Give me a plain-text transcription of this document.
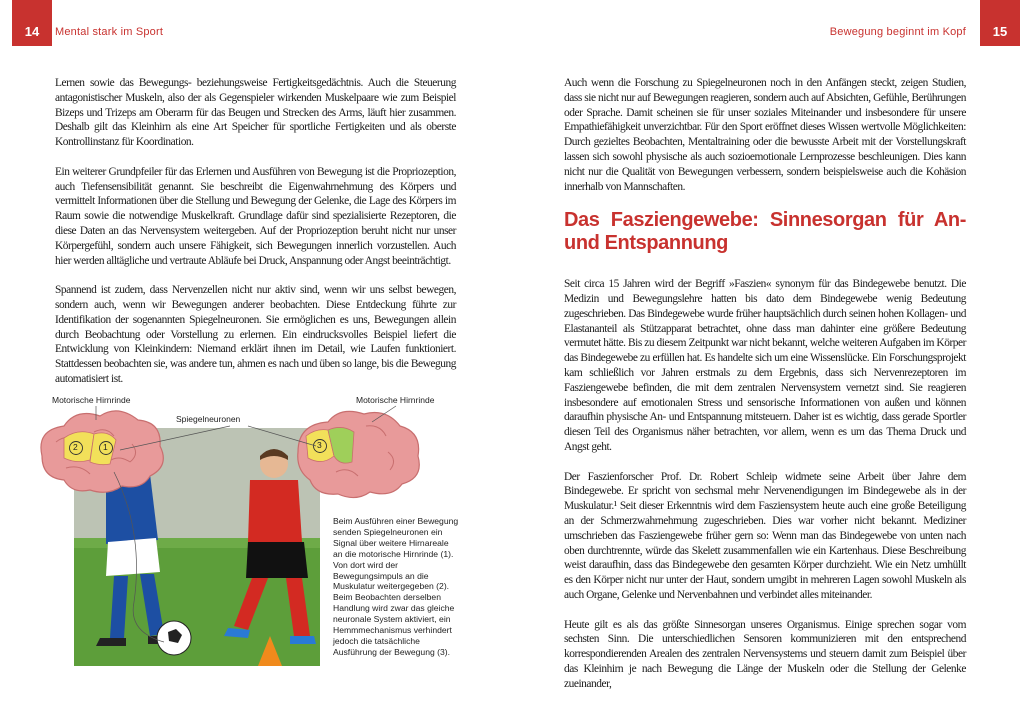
14	Mental stark im Sport

Lernen sowie das Bewegungs- beziehungsweise Fertigkeitsgedächtnis. Auch die Steuerung antagonistischer Muskeln, also der als Gegenspieler wirkenden Muskelpaare wie zum Beispiel Bizeps und Trizeps am Oberarm für das Beugen und Strecken des Arms, läuft hier zusammen. Deshalb gilt das Kleinhirn als eine Art Speicher für sportliche Fertigkeiten und als oberste Kontrollinstanz für Koordination.

Ein weiterer Grundpfeiler für das Erlernen und Ausführen von Bewegung ist die Propriozeption, auch Tiefensensibilität genannt. Sie beschreibt die Eigenwahrnehmung des Körpers und vermittelt Informationen über die Stellung und Bewegung der Gelenke, die Lage des Körpers im Raum sowie die notwendige Muskelkraft. Grundlage dafür sind spezialisierte Rezeptoren, die diese Daten an das Nervensystem weitergeben. Auf der Propriozeption beruht nicht nur unser Körpergefühl, sondern auch unsere Fähigkeit, sich Bewegungen innerlich vorzustellen. Auch hier werden alltägliche und vertraute Abläufe bei Druck, Anspannung oder Angst beeinträchtigt.

Spannend ist zudem, dass Nervenzellen nicht nur aktiv sind, wenn wir uns selbst bewegen, sondern auch, wenn wir Bewegungen anderer beobachten. Diese Entdeckung führte zur Identifikation der sogenannten Spiegelneuronen. Sie ermöglichen es uns, Bewegungen allein durch Beobachtung oder Vorstellung zu erlernen. Ein eindrucksvolles Beispiel liefert die Entwicklung von Kleinkindern: Niemand erklärt ihnen im Detail, wie Laufen funktioniert. Stattdessen beobachten sie, was andere tun, ahmen es nach und üben so lange, bis die Bewegung automatisiert ist.

Motorische Hirnrinde
Spiegelneuronen
Motorische Hirnrinde
2	1	3
Beim Ausführen einer Bewegung senden Spiegelneuronen ein Signal über weitere Hirnareale an die motorische Hirnrinde (1). Von dort wird der Bewegungsimpuls an die Muskulatur weitergegeben (2). Beim Beobachten derselben Handlung wird zwar das gleiche neuronale System aktiviert, ein Hemmmechanismus verhindert jedoch die tatsächliche Ausführung der Bewegung (3).
15
Bewegung beginnt im Kopf

Auch wenn die Forschung zu Spiegelneuronen noch in den Anfängen steckt, zeigen Studien, dass sie nicht nur auf Bewegungen reagieren, sondern auch auf Absichten, Gefühle, Berührungen oder Sprache. Damit scheinen sie für unser soziales Miteinander und insbesondere für unsere Empathiefähigkeit unverzichtbar. Für den Sport eröffnet dieses Wissen wertvolle Möglichkeiten: Durch gezieltes Beobachten, Mentaltraining oder die bewusste Arbeit mit der Vorstellungskraft lassen sich sowohl physische als auch sozioemotionale Lernprozesse beschleunigen. Dies kann nicht nur die Qualität von Bewegungen verbessern, sondern beispielsweise auch die Kohäsion innerhalb von Mannschaften.

Das Fasziengewebe: Sinnesorgan für An- und Entspannung

Seit circa 15 Jahren wird der Begriff »Faszien« synonym für das Bindegewebe benutzt. Die Medizin und Bewegungslehre hatten bis dato dem Bindegewebe wenig Bedeutung zugeschrieben. Das Bindegewebe wurde früher hauptsächlich durch seinen hohen Kollagen- und Elastananteil als Stützapparat betrachtet, ohne dass man dahinter eine größere Bedeutung vermutet hätte. Bis zu diesem Zeitpunkt war nicht bekannt, welche weiteren Aufgaben im Körper das Bindegewebe zu erfüllen hat. Es handelte sich um eine Wissenslücke. Ein Forschungsprojekt kam schließlich vor Jahren erstmals zu dem Ergebnis, dass sich Nervenrezeptoren im Fasziengewebe befinden, die mit dem zentralen Nervensystem vernetzt sind. Sie reagieren insbesondere auf emotionalen Stress und sensorische Informationen von außen und können daraufhin physische An- und Entspannung mitsteuern. Daher ist es wichtig, dass gerade Sportler diesen Teil des Organismus näher betrachten, vor allem, wenn es um das Thema Druck und Angst geht.

Der Faszienforscher Prof. Dr. Robert Schleip widmete seine Arbeit über Jahre dem Bindegewebe. Er spricht von sechsmal mehr Nervenendigungen im Bindegewebe als in der Muskulatur.¹ Seit dieser Erkenntnis wird dem Fasziensystem heute auch eine große Beteiligung an der Schmerzwahrnehmung zugeschrieben. Dies war vorher nicht bekannt. Mediziner umschrieben das Fasziengewebe früher gern so: Wenn man das Bindegewebe von unten nach oben durchtrennte, würde das Skelett zusammenfallen wie ein Kartenhaus. Diese Beschreibung weist daraufhin, dass das Bindegewebe den gesamten Körper durchzieht. Wie ein Netz umhüllt es den Körper nicht nur unter der Haut, sondern umgibt in mehreren Lagen sowohl Muskeln als auch Organe, Gelenke und Nervenbahnen und verbindet alles miteinander.

Heute gilt es als das größte Sinnesorgan unseres Organismus. Einige sprechen sogar vom sechsten Sinn. Die unterschiedlichen Sensoren kommunizieren mit den entsprechend korrespondierenden Arealen des zentralen Nervensystems und steuern damit zum Beispiel über das Kleinhirn je nach Bewegung die Länge der Muskeln oder die Stellung der Gelenke zueinander,
